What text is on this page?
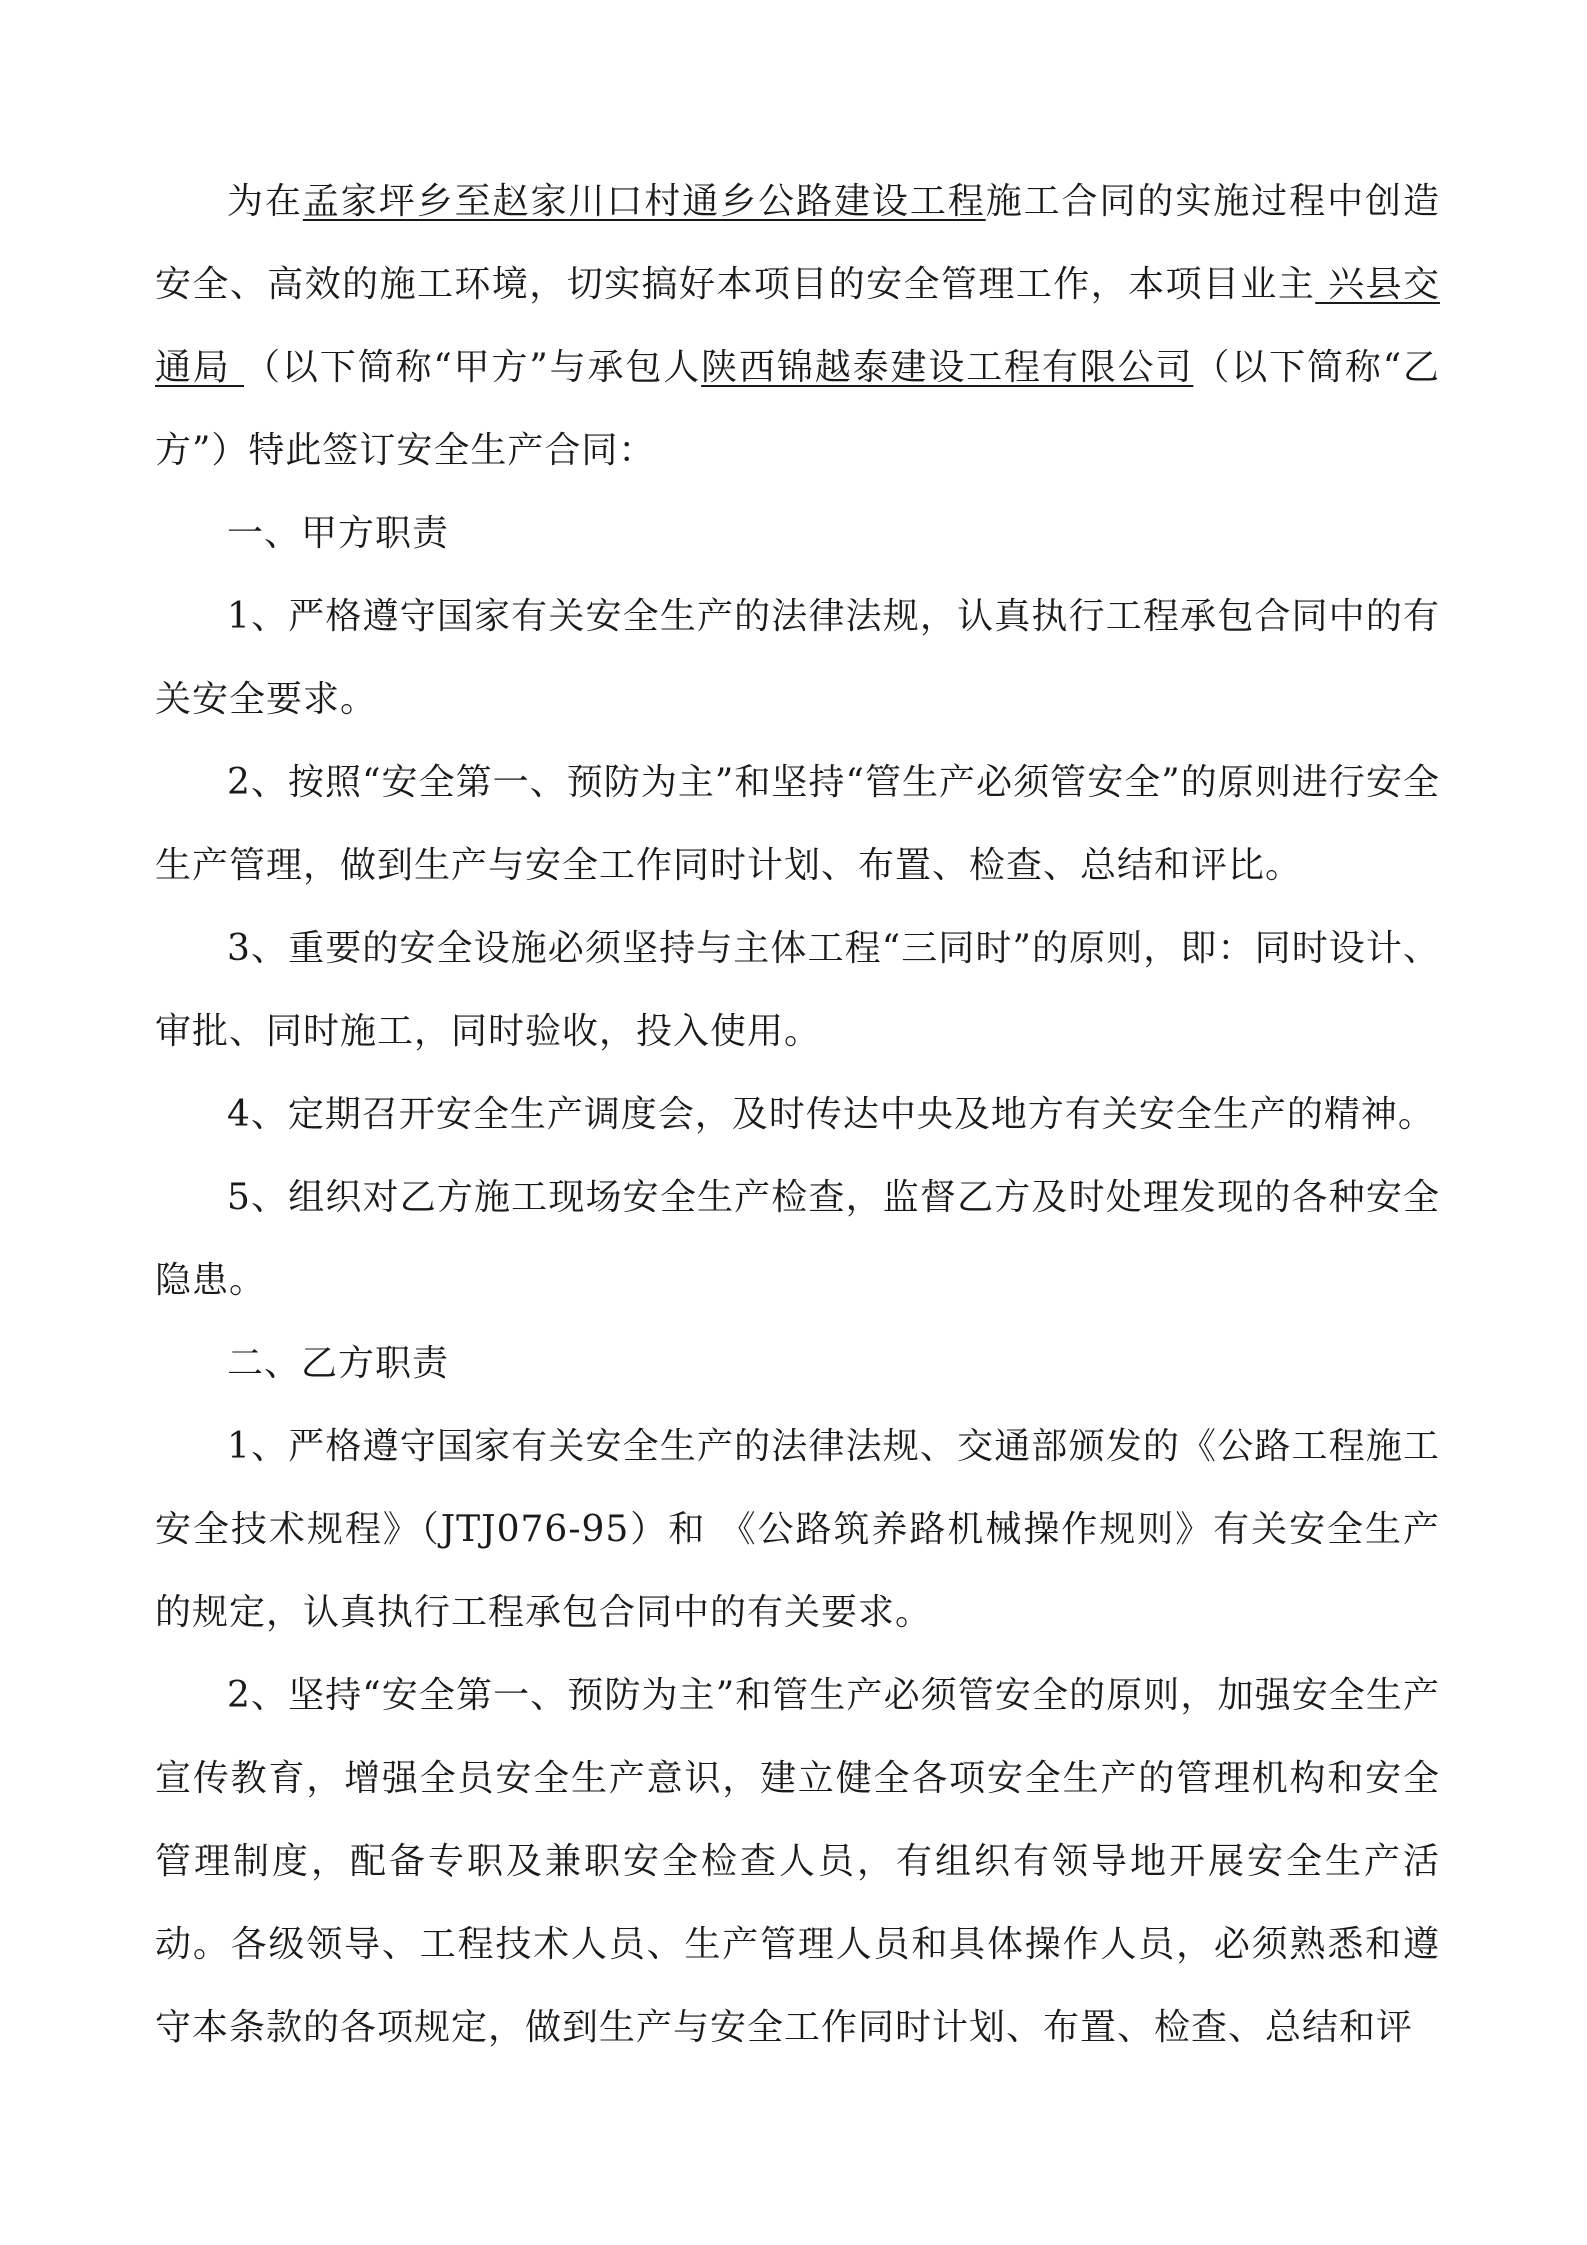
为在孟家坪乡至赵家川口村通乡公路建设工程施工合同的实施过程中创造安全、高效的施工环境，切实搞好本项目的安全管理工作，本项目业主 兴县交通局 （以下简称“甲方”与承包人陕西锦越泰建设工程有限公司（以下简称“乙方”）特此签订安全生产合同：

一、甲方职责

1、严格遵守国家有关安全生产的法律法规，认真执行工程承包合同中的有关安全要求。

2、按照“安全第一、预防为主”和坚持“管生产必须管安全”的原则进行安全生产管理，做到生产与安全工作同时计划、布置、检查、总结和评比。

3、重要的安全设施必须坚持与主体工程“三同时”的原则，即：同时设计、审批、同时施工，同时验收，投入使用。

4、定期召开安全生产调度会，及时传达中央及地方有关安全生产的精神。

5、组织对乙方施工现场安全生产检查，监督乙方及时处理发现的各种安全隐患。

二、乙方职责

1、严格遵守国家有关安全生产的法律法规、交通部颁发的《公路工程施工安全技术规程》（JTJ076-95）和 《公路筑养路机械操作规则》有关安全生产的规定，认真执行工程承包合同中的有关要求。

2、坚持“安全第一、预防为主”和管生产必须管安全的原则，加强安全生产宣传教育，增强全员安全生产意识，建立健全各项安全生产的管理机构和安全管理制度，配备专职及兼职安全检查人员，有组织有领导地开展安全生产活动。各级领导、工程技术人员、生产管理人员和具体操作人员，必须熟悉和遵守本条款的各项规定，做到生产与安全工作同时计划、布置、检查、总结和评
